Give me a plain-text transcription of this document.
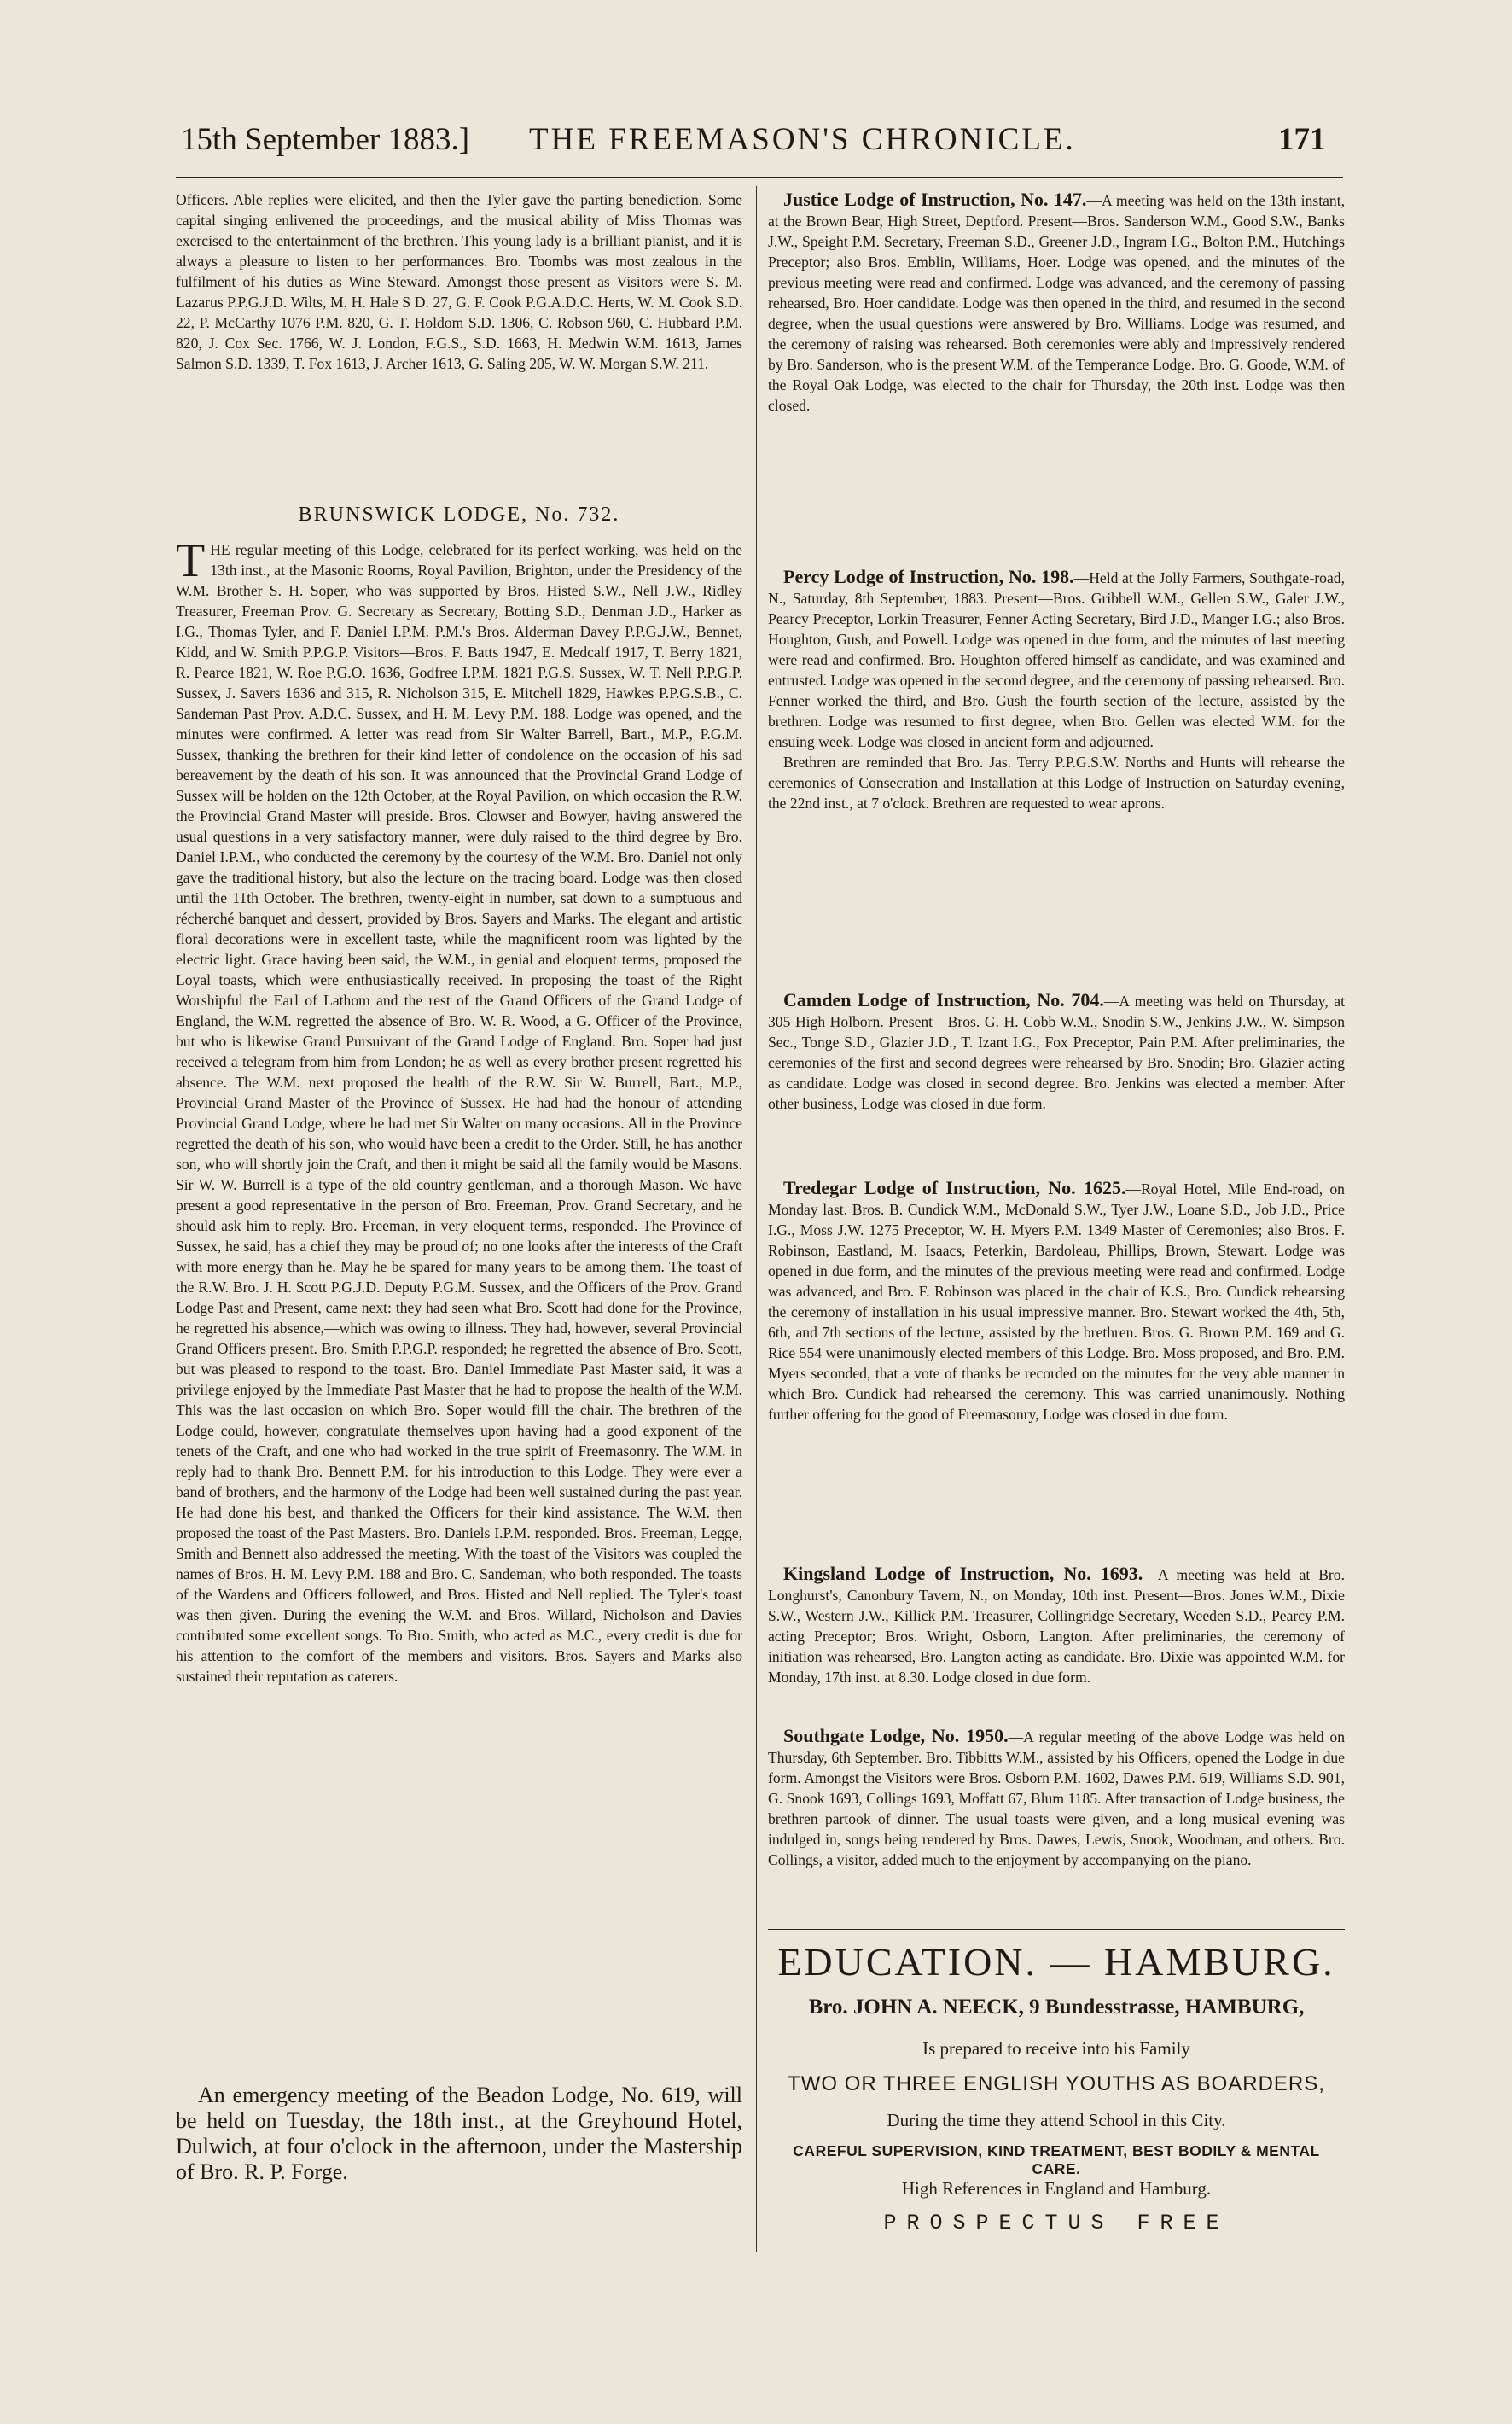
15th September 1883.] THE FREEMASON'S CHRONICLE.	171

Officers. Able replies were elicited, and then the Tyler gave the parting benediction. Some capital singing enlivened the proceedings, and the musical ability of Miss Thomas was exercised to the entertainment of the brethren. This young lady is a brilliant pianist, and it is always a pleasure to listen to her performances. Bro. Toombs was most zealous in the fulfilment of his duties as Wine Steward. Amongst those present as Visitors were S. M. Lazarus P.P.G.J.D. Wilts, M. H. Hale S D. 27, G. F. Cook P.G.A.D.C. Herts, W. M. Cook S.D. 22, P. McCarthy 1076 P.M. 820, G. T. Holdom S.D. 1306, C. Robson 960, C. Hubbard P.M. 820, J. Cox Sec. 1766, W. J. London, F.G.S., S.D. 1663, H. Medwin W.M. 1613, James Salmon S.D. 1339, T. Fox 1613, J. Archer 1613, G. Saling 205, W. W. Morgan S.W. 211.

BRUNSWICK LODGE, No. 732.
T HE regular meeting of this Lodge, celebrated for its perfect working, was held on the 13th inst., at the Masonic Rooms, Royal Pavilion, Brighton, under the Presidency of the W.M. Brother S. H. Soper, who was supported by Bros. Histed S.W., Nell J.W., Ridley Treasurer, Freeman Prov. G. Secretary as Secretary, Botting S.D., Denman J.D., Harker as I.G., Thomas Tyler, and F. Daniel I.P.M. P.M.'s Bros. Alderman Davey P.P.G.J.W., Bennet, Kidd, and W. Smith P.P.G.P. Visitors—Bros. F. Batts 1947, E. Medcalf 1917, T. Berry 1821, R. Pearce 1821, W. Roe P.G.O. 1636, Godfree I.P.M. 1821 P.G.S. Sussex, W. T. Nell P.P.G.P. Sussex, J. Savers 1636 and 315, R. Nicholson 315, E. Mitchell 1829, Hawkes P.P.G.S.B., C. Sandeman Past Prov. A.D.C. Sussex, and H. M. Levy P.M. 188. Lodge was opened, and the minutes were confirmed. A letter was read from Sir Walter Barrell, Bart., M.P., P.G.M. Sussex, thanking the brethren for their kind letter of condolence on the occasion of his sad bereavement by the death of his son. It was announced that the Provincial Grand Lodge of Sussex will be holden on the 12th October, at the Royal Pavilion, on which occasion the R.W. the Provincial Grand Master will preside. Bros. Clowser and Bowyer, having answered the usual questions in a very satisfactory manner, were duly raised to the third degree by Bro. Daniel I.P.M., who conducted the ceremony by the courtesy of the W.M. Bro. Daniel not only gave the traditional history, but also the lecture on the tracing board. Lodge was then closed until the 11th October. The brethren, twenty-eight in number, sat down to a sumptuous and récherché banquet and dessert, provided by Bros. Sayers and Marks. The elegant and artistic floral decorations were in excellent taste, while the magnificent room was lighted by the electric light. Grace having been said, the W.M., in genial and eloquent terms, proposed the Loyal toasts, which were enthusiastically received. In proposing the toast of the Right Worshipful the Earl of Lathom and the rest of the Grand Officers of the Grand Lodge of England, the W.M. regretted the absence of Bro. W. R. Wood, a G. Officer of the Province, but who is likewise Grand Pursuivant of the Grand Lodge of England. Bro. Soper had just received a telegram from him from London; he as well as every brother present regretted his absence. The W.M. next proposed the health of the R.W. Sir W. Burrell, Bart., M.P., Provincial Grand Master of the Province of Sussex. He had had the honour of attending Provincial Grand Lodge, where he had met Sir Walter on many occasions. All in the Province regretted the death of his son, who would have been a credit to the Order. Still, he has another son, who will shortly join the Craft, and then it might be said all the family would be Masons. Sir W. W. Burrell is a type of the old country gentleman, and a thorough Mason. We have present a good representative in the person of Bro. Freeman, Prov. Grand Secretary, and he should ask him to reply. Bro. Freeman, in very eloquent terms, responded. The Province of Sussex, he said, has a chief they may be proud of; no one looks after the interests of the Craft with more energy than he. May he be spared for many years to be among them. The toast of the R.W. Bro. J. H. Scott P.G.J.D. Deputy P.G.M. Sussex, and the Officers of the Prov. Grand Lodge Past and Present, came next: they had seen what Bro. Scott had done for the Province, he regretted his absence,—which was owing to illness. They had, however, several Provincial Grand Officers present. Bro. Smith P.P.G.P. responded; he regretted the absence of Bro. Scott, but was pleased to respond to the toast. Bro. Daniel Immediate Past Master said, it was a privilege enjoyed by the Immediate Past Master that he had to propose the health of the W.M. This was the last occasion on which Bro. Soper would fill the chair. The brethren of the Lodge could, however, congratulate themselves upon having had a good exponent of the tenets of the Craft, and one who had worked in the true spirit of Freemasonry. The W.M. in reply had to thank Bro. Bennett P.M. for his introduction to this Lodge. They were ever a band of brothers, and the harmony of the Lodge had been well sustained during the past year. He had done his best, and thanked the Officers for their kind assistance. The W.M. then proposed the toast of the Past Masters. Bro. Daniels I.P.M. responded. Bros. Freeman, Legge, Smith and Bennett also addressed the meeting. With the toast of the Visitors was coupled the names of Bros. H. M. Levy P.M. 188 and Bro. C. Sandeman, who both responded. The toasts of the Wardens and Officers followed, and Bros. Histed and Nell replied. The Tyler's toast was then given. During the evening the W.M. and Bros. Willard, Nicholson and Davies contributed some excellent songs. To Bro. Smith, who acted as M.C., every credit is due for his attention to the comfort of the members and visitors. Bros. Sayers and Marks also sustained their reputation as caterers.
An emergency meeting of the Beadon Lodge, No. 619, will be held on Tuesday, the 18th inst., at the Greyhound Hotel, Dulwich, at four o'clock in the afternoon, under the Mastership of Bro. R. P. Forge.

Justice Lodge of Instruction, No. 147.—A meeting was held on the 13th instant, at the Brown Bear, High Street, Deptford. Present—Bros. Sanderson W.M., Good S.W., Banks J.W., Speight P.M. Secretary, Freeman S.D., Greener J.D., Ingram I.G., Bolton P.M., Hutchings Preceptor; also Bros. Emblin, Williams, Hoer. Lodge was opened, and the minutes of the previous meeting were read and confirmed. Lodge was advanced, and the ceremony of passing rehearsed, Bro. Hoer candidate. Lodge was then opened in the third, and resumed in the second degree, when the usual questions were answered by Bro. Williams. Lodge was resumed, and the ceremony of raising was rehearsed. Both ceremonies were ably and impressively rendered by Bro. Sanderson, who is the present W.M. of the Temperance Lodge. Bro. G. Goode, W.M. of the Royal Oak Lodge, was elected to the chair for Thursday, the 20th inst. Lodge was then closed.

Percy Lodge of Instruction, No. 198.—Held at the Jolly Farmers, Southgate-road, N., Saturday, 8th September, 1883. Present—Bros. Gribbell W.M., Gellen S.W., Galer J.W., Pearcy Preceptor, Lorkin Treasurer, Fenner Acting Secretary, Bird J.D., Manger I.G.; also Bros. Houghton, Gush, and Powell. Lodge was opened in due form, and the minutes of last meeting were read and confirmed. Bro. Houghton offered himself as candidate, and was examined and entrusted. Lodge was opened in the second degree, and the ceremony of passing rehearsed. Bro. Fenner worked the third, and Bro. Gush the fourth section of the lecture, assisted by the brethren. Lodge was resumed to first degree, when Bro. Gellen was elected W.M. for the ensuing week. Lodge was closed in ancient form and adjourned.

Brethren are reminded that Bro. Jas. Terry P.P.G.S.W. Norths and Hunts will rehearse the ceremonies of Consecration and Installation at this Lodge of Instruction on Saturday evening, the 22nd inst., at 7 o'clock. Brethren are requested to wear aprons.

Camden Lodge of Instruction, No. 704.—A meeting was held on Thursday, at 305 High Holborn. Present—Bros. G. H. Cobb W.M., Snodin S.W., Jenkins J.W., W. Simpson Sec., Tonge S.D., Glazier J.D., T. Izant I.G., Fox Preceptor, Pain P.M. After preliminaries, the ceremonies of the first and second degrees were rehearsed by Bro. Snodin; Bro. Glazier acting as candidate. Lodge was closed in second degree. Bro. Jenkins was elected a member. After other business, Lodge was closed in due form.

Tredegar Lodge of Instruction, No. 1625.—Royal Hotel, Mile End-road, on Monday last. Bros. B. Cundick W.M., McDonald S.W., Tyer J.W., Loane S.D., Job J.D., Price I.G., Moss J.W. 1275 Preceptor, W. H. Myers P.M. 1349 Master of Ceremonies; also Bros. F. Robinson, Eastland, M. Isaacs, Peterkin, Bardoleau, Phillips, Brown, Stewart. Lodge was opened in due form, and the minutes of the previous meeting were read and confirmed. Lodge was advanced, and Bro. F. Robinson was placed in the chair of K.S., Bro. Cundick rehearsing the ceremony of installation in his usual impressive manner. Bro. Stewart worked the 4th, 5th, 6th, and 7th sections of the lecture, assisted by the brethren. Bros. G. Brown P.M. 169 and G. Rice 554 were unanimously elected members of this Lodge. Bro. Moss proposed, and Bro. P.M. Myers seconded, that a vote of thanks be recorded on the minutes for the very able manner in which Bro. Cundick had rehearsed the ceremony. This was carried unanimously. Nothing further offering for the good of Freemasonry, Lodge was closed in due form.

Kingsland Lodge of Instruction, No. 1693.—A meeting was held at Bro. Longhurst's, Canonbury Tavern, N., on Monday, 10th inst. Present—Bros. Jones W.M., Dixie S.W., Western J.W., Killick P.M. Treasurer, Collingridge Secretary, Weeden S.D., Pearcy P.M. acting Preceptor; Bros. Wright, Osborn, Langton. After preliminaries, the ceremony of initiation was rehearsed, Bro. Langton acting as candidate. Bro. Dixie was appointed W.M. for Monday, 17th inst. at 8.30. Lodge closed in due form.

Southgate Lodge, No. 1950.—A regular meeting of the above Lodge was held on Thursday, 6th September. Bro. Tibbitts W.M., assisted by his Officers, opened the Lodge in due form. Amongst the Visitors were Bros. Osborn P.M. 1602, Dawes P.M. 619, Williams S.D. 901, G. Snook 1693, Collings 1693, Moffatt 67, Blum 1185. After transaction of Lodge business, the brethren partook of dinner. The usual toasts were given, and a long musical evening was indulged in, songs being rendered by Bros. Dawes, Lewis, Snook, Woodman, and others. Bro. Collings, a visitor, added much to the enjoyment by accompanying on the piano.

EDUCATION. — HAMBURG.
Bro. JOHN A. NEECK, 9 Bundesstrasse, HAMBURG,
Is prepared to receive into his Family
TWO OR THREE ENGLISH YOUTHS AS BOARDERS,
During the time they attend School in this City.
CAREFUL SUPERVISION, KIND TREATMENT, BEST BODILY & MENTAL CARE.
High References in England and Hamburg.
PROSPECTUS FREE
